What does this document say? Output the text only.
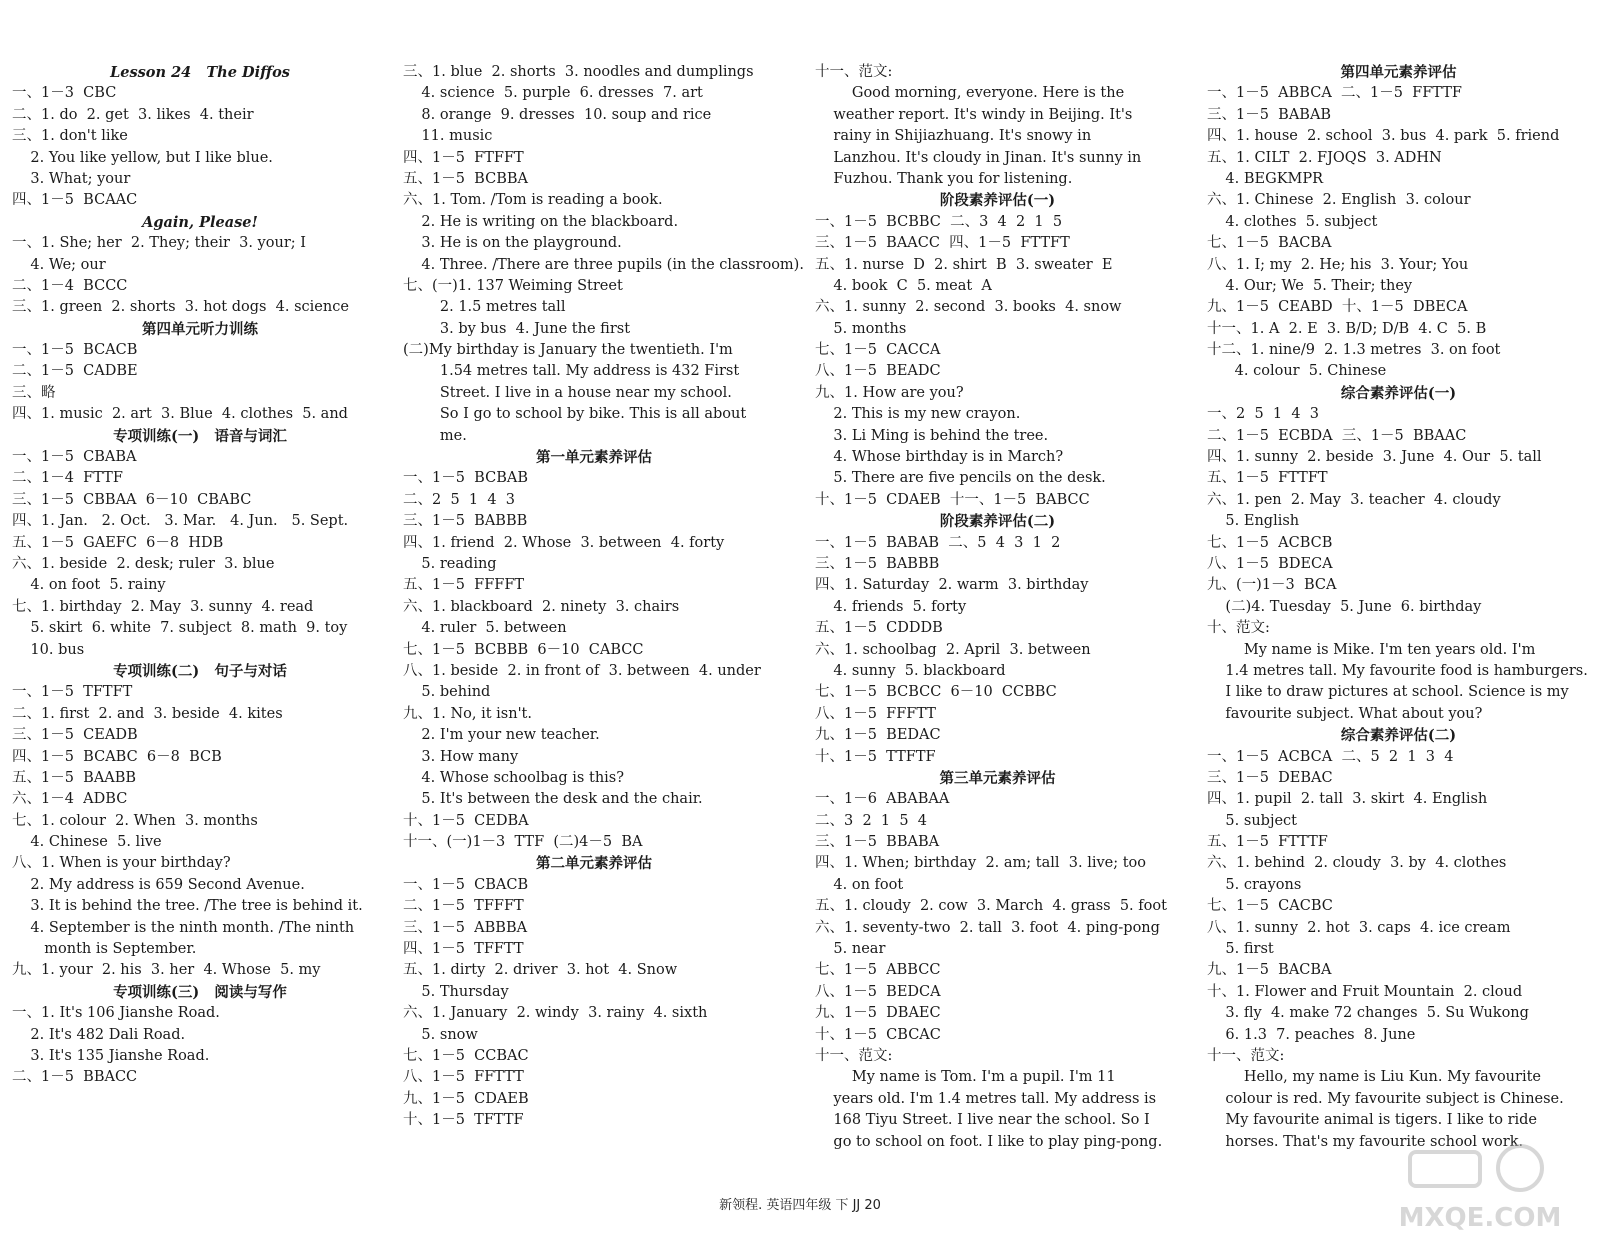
Lesson 24   The Diffos
一、1－3  CBC
二、1. do  2. get  3. likes  4. their
三、1. don't like
2. You like yellow, but I like blue.
3. What; your
四、1－5  BCAAC
Again, Please!
一、1. She; her  2. They; their  3. your; I
4. We; our
二、1－4  BCCC
三、1. green  2. shorts  3. hot dogs  4. science
第四单元听力训练
一、1－5  BCACB
二、1－5  CADBE
三、略
四、1. music  2. art  3. Blue  4. clothes  5. and
专项训练(一)   语音与词汇
一、1－5  CBABA
二、1－4  FTTF
三、1－5  CBBAA  6－10  CBABC
四、1. Jan.   2. Oct.   3. Mar.   4. Jun.   5. Sept.
五、1－5  GAEFC  6－8  HDB
六、1. beside  2. desk; ruler  3. blue
4. on foot  5. rainy
七、1. birthday  2. May  3. sunny  4. read
5. skirt  6. white  7. subject  8. math  9. toy
10. bus
专项训练(二)   句子与对话
一、1－5  TFTFT
二、1. first  2. and  3. beside  4. kites
三、1－5  CEADB
四、1－5  BCABC  6－8  BCB
五、1－5  BAABB
六、1－4  ADBC
七、1. colour  2. When  3. months
4. Chinese  5. live
八、1. When is your birthday?
2. My address is 659 Second Avenue.
3. It is behind the tree. /The tree is behind it.
4. September is the ninth month. /The ninth
month is September.
九、1. your  2. his  3. her  4. Whose  5. my
专项训练(三)   阅读与写作
一、1. It's 106 Jianshe Road.
2. It's 482 Dali Road.
3. It's 135 Jianshe Road.
二、1－5  BBACC
三、1. blue  2. shorts  3. noodles and dumplings
4. science  5. purple  6. dresses  7. art
8. orange  9. dresses  10. soup and rice
11. music
四、1－5  FTFFT
五、1－5  BCBBA
六、1. Tom. /Tom is reading a book.
2. He is writing on the blackboard.
3. He is on the playground.
4. Three. /There are three pupils (in the classroom).
七、(一)1. 137 Weiming Street
2. 1.5 metres tall
3. by bus  4. June the first
(二)My birthday is January the twentieth. I'm
1.54 metres tall. My address is 432 First
Street. I live in a house near my school.
So I go to school by bike. This is all about
me.
第一单元素养评估
一、1－5  BCBAB
二、2  5  1  4  3
三、1－5  BABBB
四、1. friend  2. Whose  3. between  4. forty
5. reading
五、1－5  FFFFT
六、1. blackboard  2. ninety  3. chairs
4. ruler  5. between
七、1－5  BCBBB  6－10  CABCC
八、1. beside  2. in front of  3. between  4. under
5. behind
九、1. No, it isn't.
2. I'm your new teacher.
3. How many
4. Whose schoolbag is this?
5. It's between the desk and the chair.
十、1－5  CEDBA
十一、(一)1－3  TTF  (二)4－5  BA
第二单元素养评估
一、1－5  CBACB
二、1－5  TFFFT
三、1－5  ABBBA
四、1－5  TFFTT
五、1. dirty  2. driver  3. hot  4. Snow
5. Thursday
六、1. January  2. windy  3. rainy  4. sixth
5. snow
七、1－5  CCBAC
八、1－5  FFTTT
九、1－5  CDAEB
十、1－5  TFTTF
十一、范文:
Good morning, everyone. Here is the
weather report. It's windy in Beijing. It's
rainy in Shijiazhuang. It's snowy in
Lanzhou. It's cloudy in Jinan. It's sunny in
Fuzhou. Thank you for listening.
阶段素养评估(一)
一、1－5  BCBBC  二、3  4  2  1  5
三、1－5  BAACC  四、1－5  FTTFT
五、1. nurse  D  2. shirt  B  3. sweater  E
4. book  C  5. meat  A
六、1. sunny  2. second  3. books  4. snow
5. months
七、1－5  CACCA
八、1－5  BEADC
九、1. How are you?
2. This is my new crayon.
3. Li Ming is behind the tree.
4. Whose birthday is in March?
5. There are five pencils on the desk.
十、1－5  CDAEB  十一、1－5  BABCC
阶段素养评估(二)
一、1－5  BABAB  二、5  4  3  1  2
三、1－5  BABBB
四、1. Saturday  2. warm  3. birthday
4. friends  5. forty
五、1－5  CDDDB
六、1. schoolbag  2. April  3. between
4. sunny  5. blackboard
七、1－5  BCBCC  6－10  CCBBC
八、1－5  FFFTT
九、1－5  BEDAC
十、1－5  TTFTF
第三单元素养评估
一、1－6  ABABAA
二、3  2  1  5  4
三、1－5  BBABA
四、1. When; birthday  2. am; tall  3. live; too
4. on foot
五、1. cloudy  2. cow  3. March  4. grass  5. foot
六、1. seventy-two  2. tall  3. foot  4. ping-pong
5. near
七、1－5  ABBCC
八、1－5  BEDCA
九、1－5  DBAEC
十、1－5  CBCAC
十一、范文:
My name is Tom. I'm a pupil. I'm 11
years old. I'm 1.4 metres tall. My address is
168 Tiyu Street. I live near the school. So I
go to school on foot. I like to play ping-pong.
第四单元素养评估
一、1－5  ABBCA  二、1－5  FFTTF
三、1－5  BABAB
四、1. house  2. school  3. bus  4. park  5. friend
五、1. CILT  2. FJOQS  3. ADHN
4. BEGKMPR
六、1. Chinese  2. English  3. colour
4. clothes  5. subject
七、1－5  BACBA
八、1. I; my  2. He; his  3. Your; You
4. Our; We  5. Their; they
九、1－5  CEABD  十、1－5  DBECA
十一、1. A  2. E  3. B/D; D/B  4. C  5. B
十二、1. nine/9  2. 1.3 metres  3. on foot
4. colour  5. Chinese
综合素养评估(一)
一、2  5  1  4  3
二、1－5  ECBDA  三、1－5  BBAAC
四、1. sunny  2. beside  3. June  4. Our  5. tall
五、1－5  FTTFT
六、1. pen  2. May  3. teacher  4. cloudy
5. English
七、1－5  ACBCB
八、1－5  BDECA
九、(一)1－3  BCA
(二)4. Tuesday  5. June  6. birthday
十、范文:
My name is Mike. I'm ten years old. I'm
1.4 metres tall. My favourite food is hamburgers.
I like to draw pictures at school. Science is my
favourite subject. What about you?
综合素养评估(二)
一、1－5  ACBCA  二、5  2  1  3  4
三、1－5  DEBAC
四、1. pupil  2. tall  3. skirt  4. English
5. subject
五、1－5  FTTTF
六、1. behind  2. cloudy  3. by  4. clothes
5. crayons
七、1－5  CACBC
八、1. sunny  2. hot  3. caps  4. ice cream
5. first
九、1－5  BACBA
十、1. Flower and Fruit Mountain  2. cloud
3. fly  4. make 72 changes  5. Su Wukong
6. 1.3  7. peaches  8. June
十一、范文:
Hello, my name is Liu Kun. My favourite
colour is red. My favourite subject is Chinese.
My favourite animal is tigers. I like to ride
horses. That's my favourite school work.
新领程. 英语四年级 下 JJ 20	MXQE.COM
